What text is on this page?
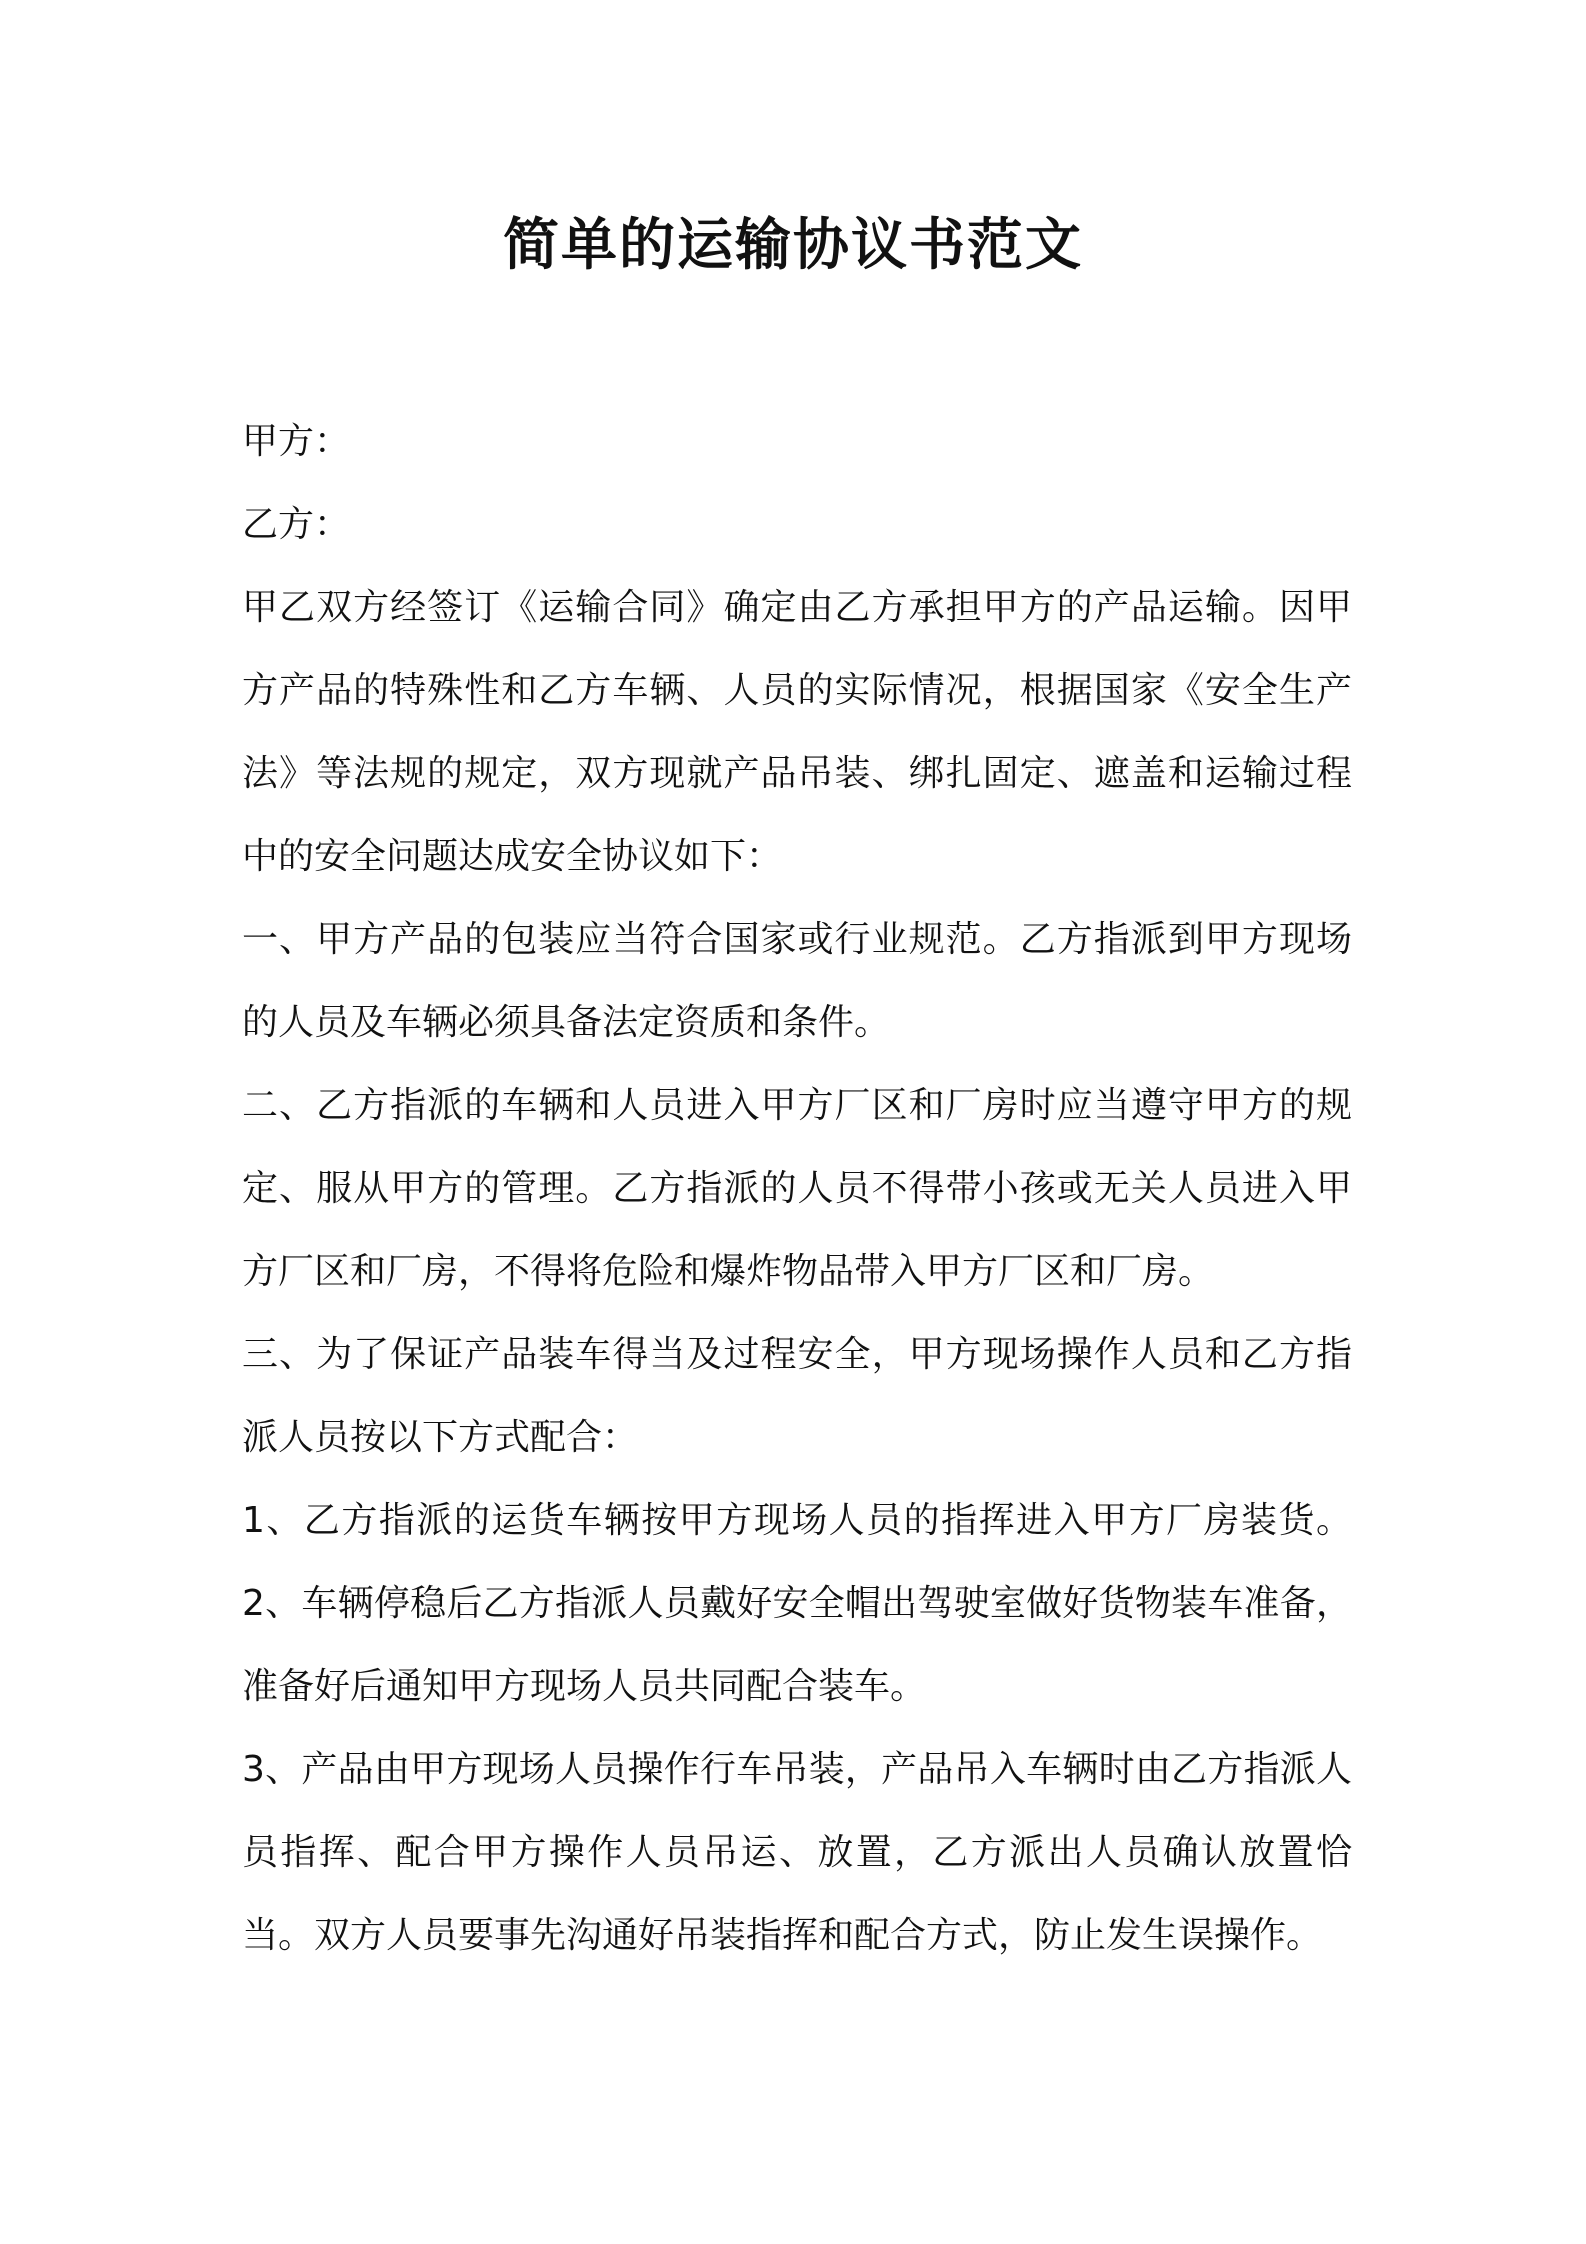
简单的运输协议书范文

甲方：

乙方：

甲乙双方经签订《运输合同》确定由乙方承担甲方的产品运输。因甲方产品的特殊性和乙方车辆、人员的实际情况，根据国家《安全生产法》等法规的规定，双方现就产品吊装、绑扎固定、遮盖和运输过程中的安全问题达成安全协议如下：

一、甲方产品的包装应当符合国家或行业规范。乙方指派到甲方现场的人员及车辆必须具备法定资质和条件。

二、乙方指派的车辆和人员进入甲方厂区和厂房时应当遵守甲方的规定、服从甲方的管理。乙方指派的人员不得带小孩或无关人员进入甲方厂区和厂房，不得将危险和爆炸物品带入甲方厂区和厂房。

三、为了保证产品装车得当及过程安全，甲方现场操作人员和乙方指派人员按以下方式配合：

1、乙方指派的运货车辆按甲方现场人员的指挥进入甲方厂房装货。2、车辆停稳后乙方指派人员戴好安全帽出驾驶室做好货物装车准备，准备好后通知甲方现场人员共同配合装车。

3、产品由甲方现场人员操作行车吊装，产品吊入车辆时由乙方指派人员指挥、配合甲方操作人员吊运、放置，乙方派出人员确认放置恰当。双方人员要事先沟通好吊装指挥和配合方式，防止发生误操作。
